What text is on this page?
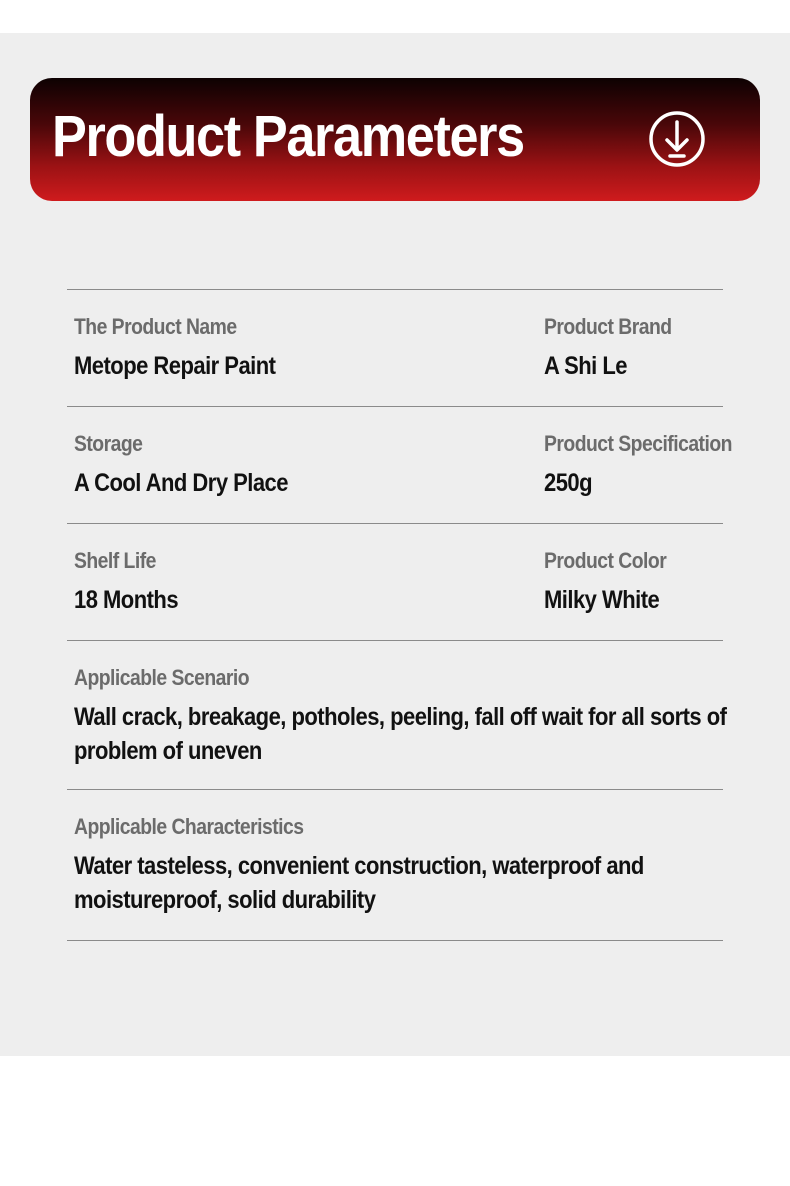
Product Parameters
The Product Name
Metope Repair Paint
Product Brand
A Shi Le
Storage
A Cool And Dry Place
Product Specification
250g
Shelf Life
18 Months
Product Color
Milky White
Applicable Scenario
Wall crack, breakage, potholes, peeling, fall off wait for all sorts of problem of uneven
Applicable Characteristics
Water tasteless, convenient construction, waterproof and moistureproof, solid durability
